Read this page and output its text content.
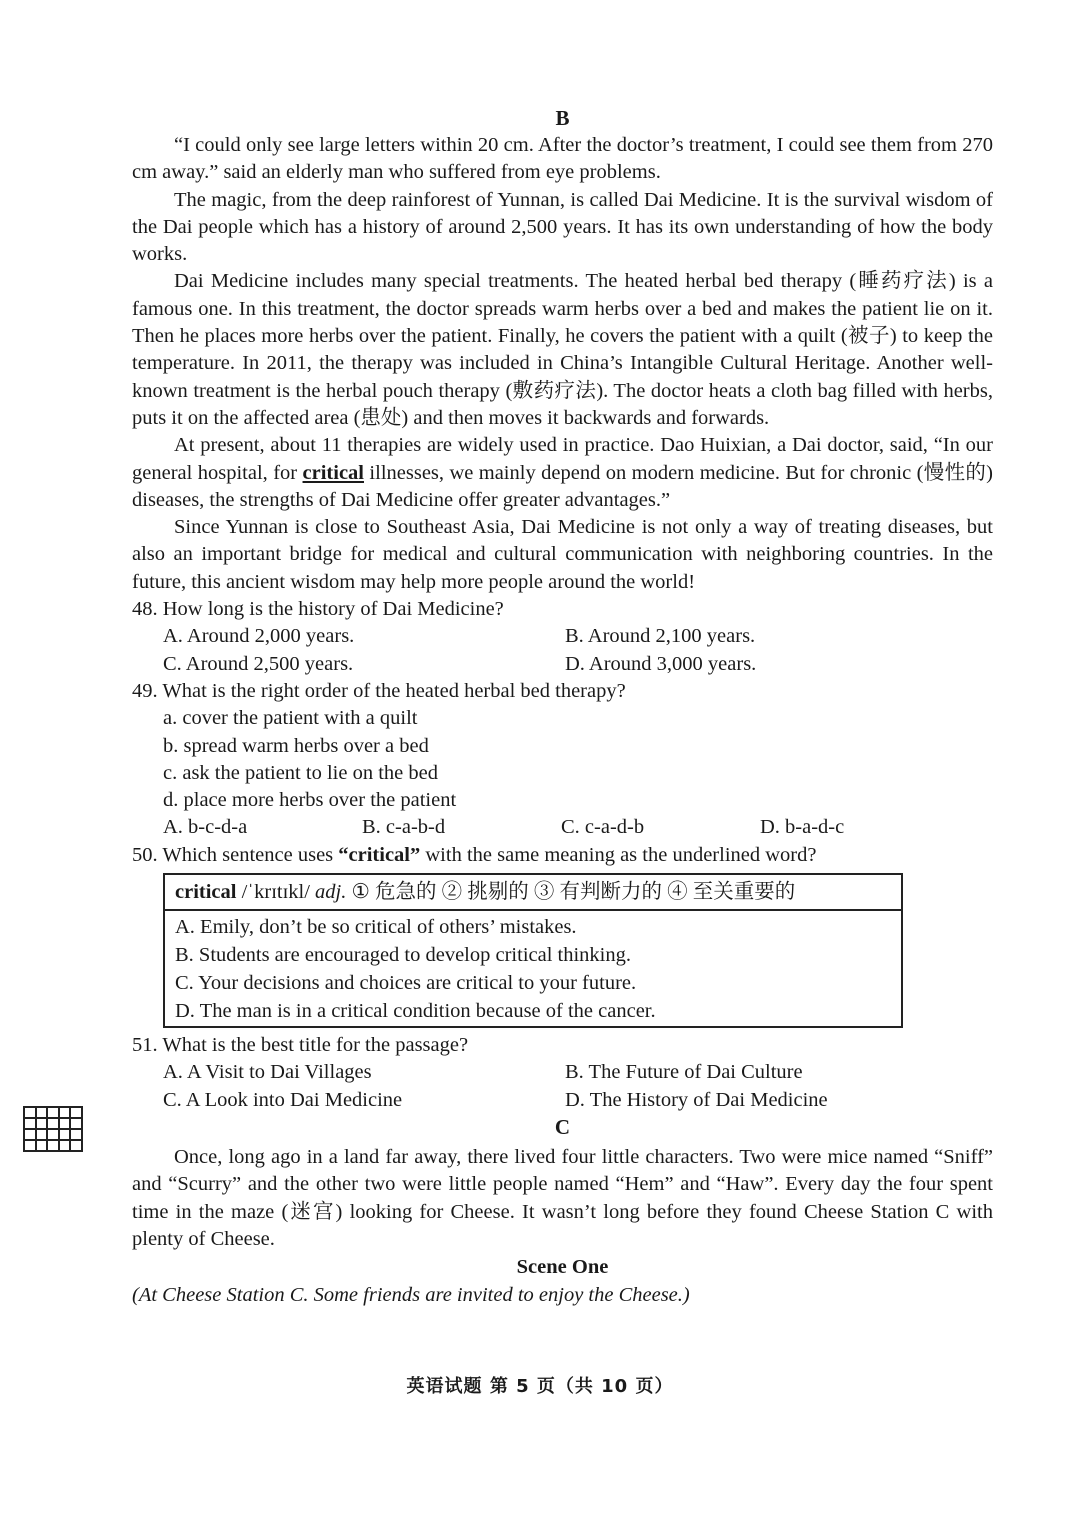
B

“I could only see large letters within 20 cm. After the doctor’s treatment, I could see them from 270 cm away.” said an elderly man who suffered from eye problems.

The magic, from the deep rainforest of Yunnan, is called Dai Medicine. It is the survival wisdom of the Dai people which has a history of around 2,500 years. It has its own understanding of how the body works.

Dai Medicine includes many special treatments. The heated herbal bed therapy (睡药疗法) is a famous one. In this treatment, the doctor spreads warm herbs over a bed and makes the patient lie on it. Then he places more herbs over the patient. Finally, he covers the patient with a quilt (被子) to keep the temperature. In 2011, the therapy was included in China’s Intangible Cultural Heritage. Another well-known treatment is the herbal pouch therapy (敷药疗法). The doctor heats a cloth bag filled with herbs, puts it on the affected area (患处) and then moves it backwards and forwards.

At present, about 11 therapies are widely used in practice. Dao Huixian, a Dai doctor, said, “In our general hospital, for critical illnesses, we mainly depend on modern medicine. But for chronic (慢性的) diseases, the strengths of Dai Medicine offer greater advantages.”

Since Yunnan is close to Southeast Asia, Dai Medicine is not only a way of treating diseases, but also an important bridge for medical and cultural communication with neighboring countries. In the future, this ancient wisdom may help more people around the world!

48. How long is the history of Dai Medicine?
A. Around 2,000 years.	B. Around 2,100 years.
C. Around 2,500 years.	D. Around 3,000 years.
49. What is the right order of the heated herbal bed therapy?
a. cover the patient with a quilt
b. spread warm herbs over a bed
c. ask the patient to lie on the bed
d. place more herbs over the patient
A. b-c-d-a	B. c-a-b-d	C. c-a-d-b	D. b-a-d-c
50. Which sentence uses “critical” with the same meaning as the underlined word?
critical /ˈkrɪtɪkl/ adj. ① 危急的 ② 挑剔的 ③ 有判断力的 ④ 至关重要的
A. Emily, don’t be so critical of others’ mistakes.
B. Students are encouraged to develop critical thinking.
C. Your decisions and choices are critical to your future.
D. The man is in a critical condition because of the cancer.
51. What is the best title for the passage?
A. A Visit to Dai Villages	B. The Future of Dai Culture
C. A Look into Dai Medicine	D. The History of Dai Medicine
C

Once, long ago in a land far away, there lived four little characters. Two were mice named “Sniff” and “Scurry” and the other two were little people named “Hem” and “Haw”. Every day the four spent time in the maze (迷宫) looking for Cheese. It wasn’t long before they found Cheese Station C with plenty of Cheese.

Scene One
(At Cheese Station C. Some friends are invited to enjoy the Cheese.)
英语试题 第 5 页（共 10 页）
